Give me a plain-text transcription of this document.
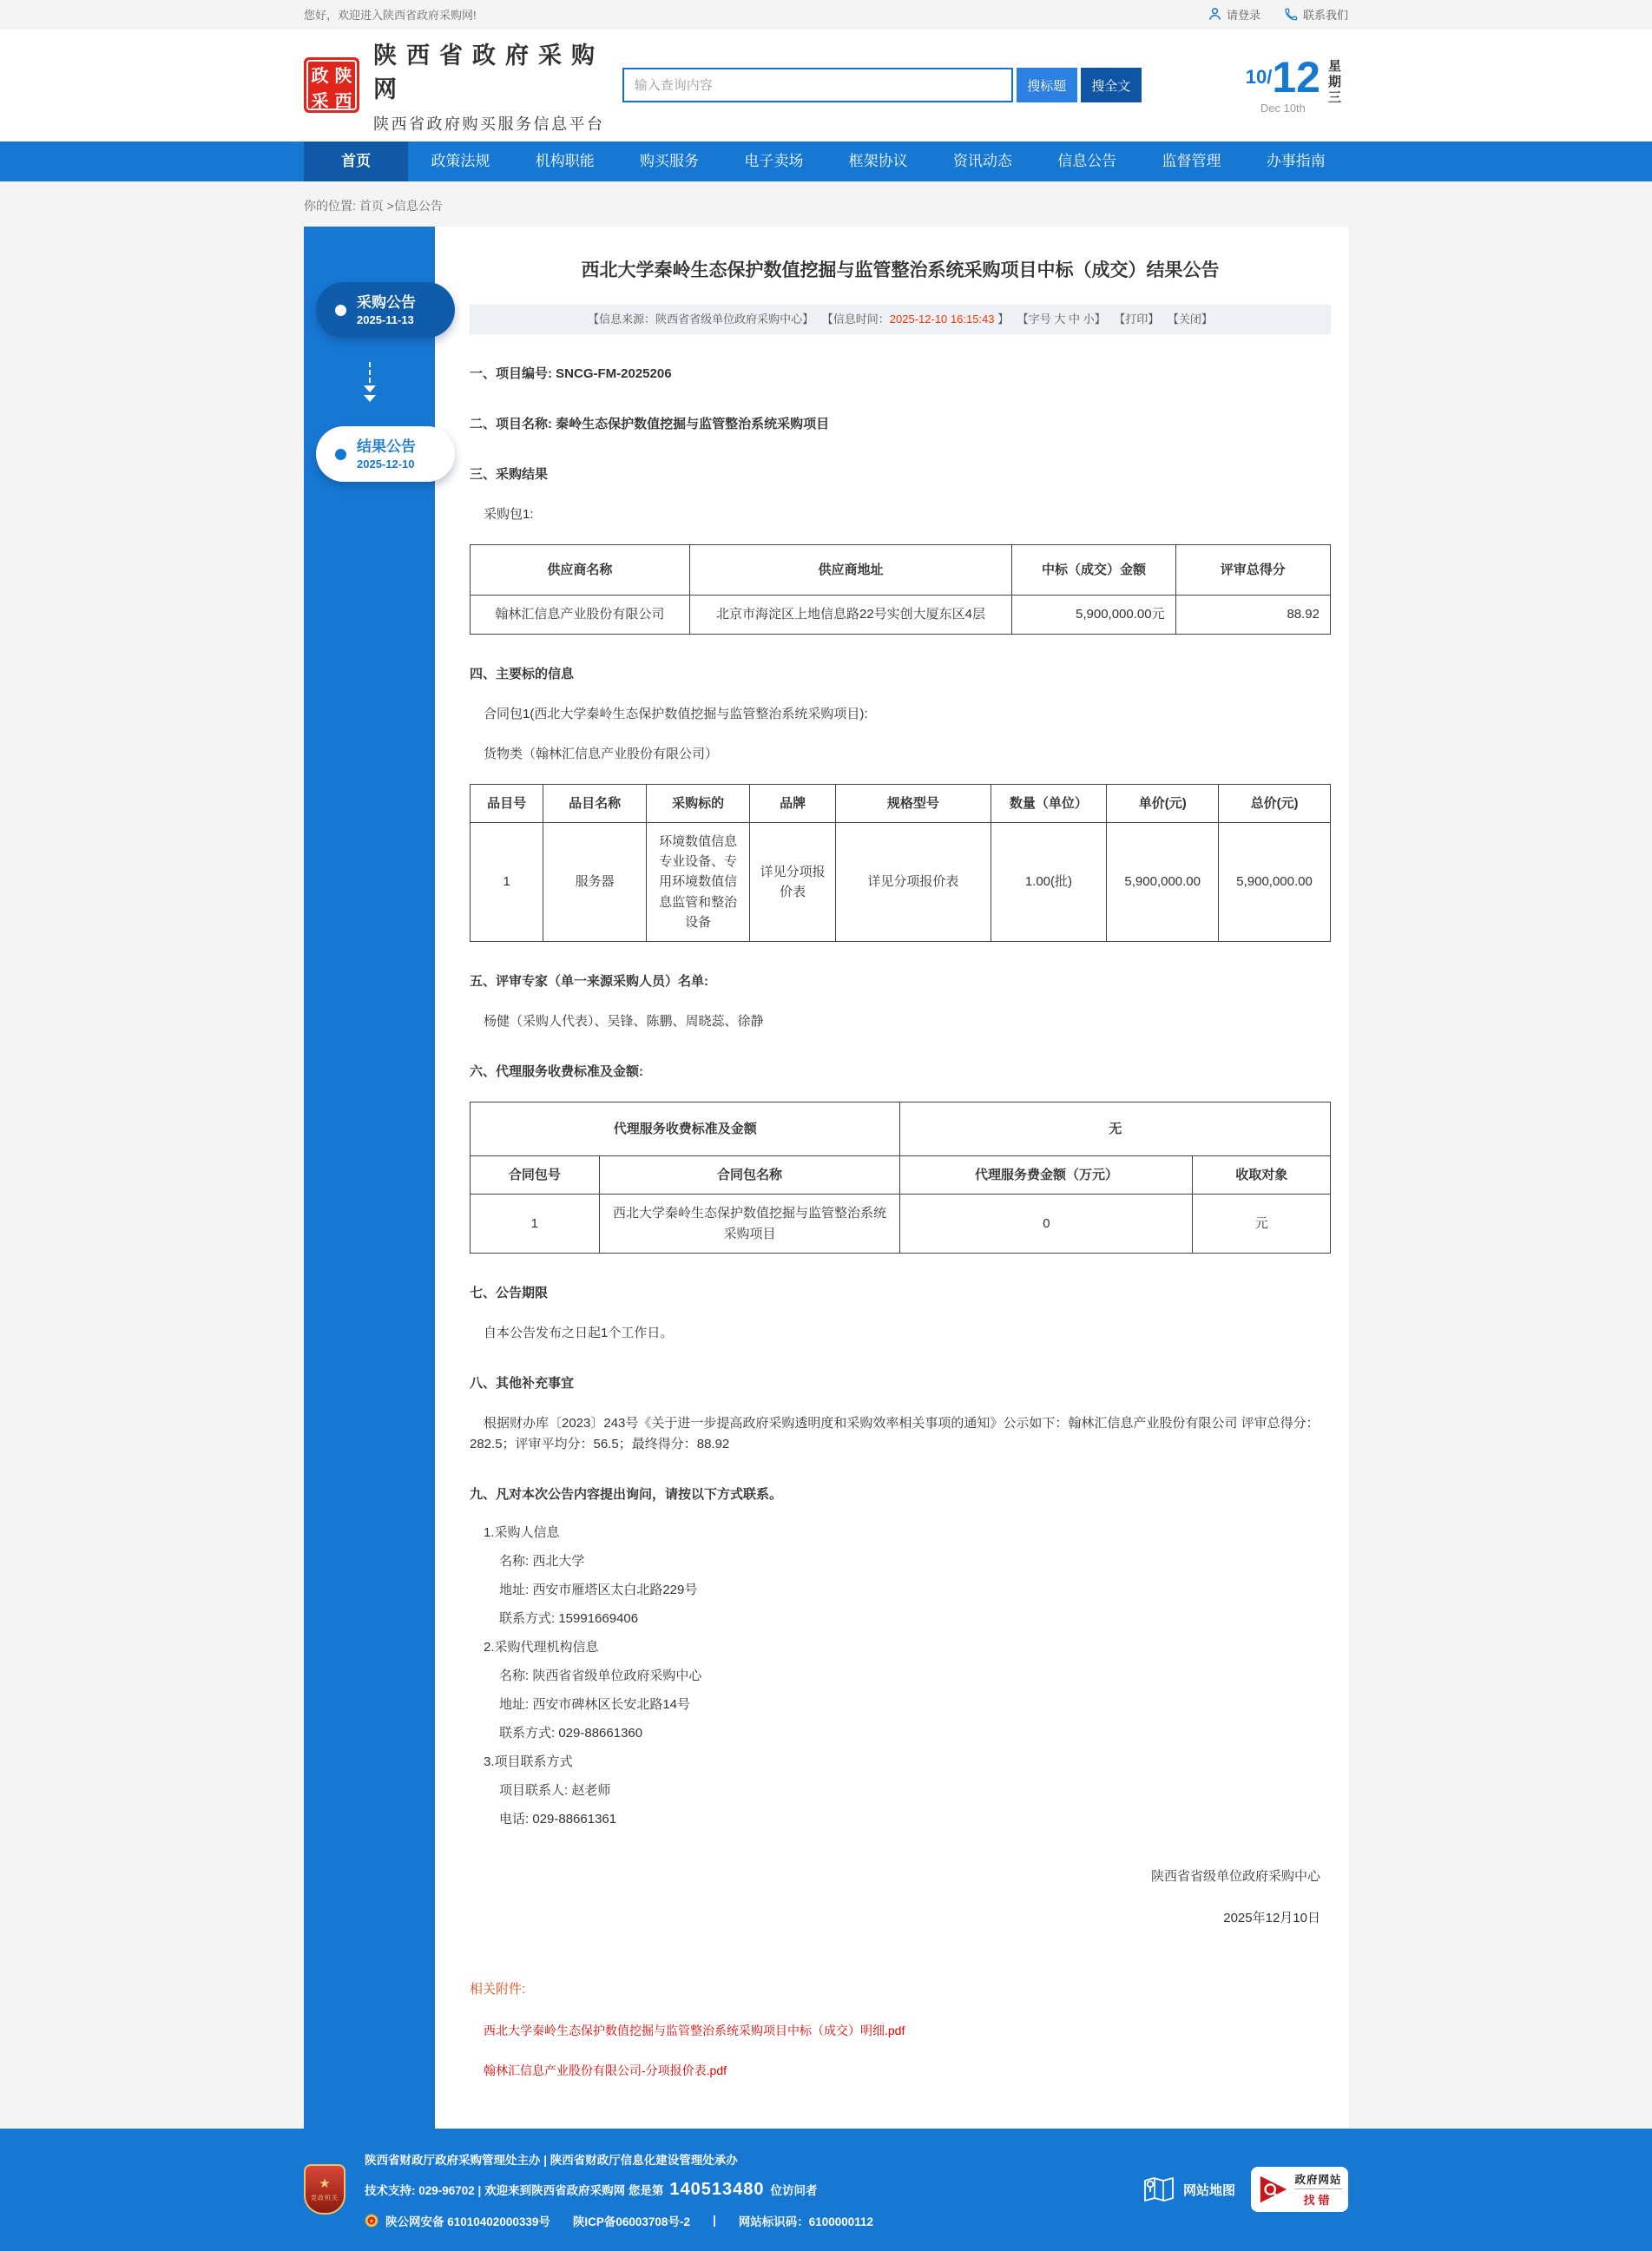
您好，欢迎进入陕西省政府采购网!	请登录	联系我们
政 陕
采 西
陕西省政府采购网
陕西省政府购买服务信息平台
输入查询内容
搜标题	搜全文	10/ 12
Dec 10th
星期三
首页	政策法规	机构职能	购买服务	电子卖场	框架协议	资讯动态	信息公告	监督管理	办事指南
你的位置: 首页 >信息公告
采购公告
2025-11-13
结果公告
2025-12-10
西北大学秦岭生态保护数值挖掘与监管整治系统采购项目中标（成交）结果公告
【信息来源：陕西省省级单位政府采购中心】 【信息时间：2025-12-10 16:15:43 】 【字号 大 中 小】 【打印】 【关闭】
一、项目编号: SNCG-FM-2025206
二、项目名称: 秦岭生态保护数值挖掘与监管整治系统采购项目
三、采购结果
采购包1:
供应商名称	供应商地址	中标（成交）金额	评审总得分
翰林汇信息产业股份有限公司	北京市海淀区上地信息路22号实创大厦东区4层	5,900,000.00元	88.92
四、主要标的信息
合同包1(西北大学秦岭生态保护数值挖掘与监管整治系统采购项目):
货物类（翰林汇信息产业股份有限公司）
品目号	品目名称	采购标的	品牌	规格型号	数量（单位）	单价(元)	总价(元)
1	服务器	环境数值信息专业设备、专用环境数值信息监管和整治设备	详见分项报价表	详见分项报价表	1.00(批)	5,900,000.00	5,900,000.00
五、评审专家（单一来源采购人员）名单:
杨健（采购人代表）、吴锋、陈鹏、周晓蕊、徐静
六、代理服务收费标准及金额:
代理服务收费标准及金额		无	
合同包号	合同包名称	代理服务费金额（万元）	收取对象
1	西北大学秦岭生态保护数值挖掘与监管整治系统采购项目	0	元
七、公告期限
自本公告发布之日起1个工作日。
八、其他补充事宜
根据财办库〔2023〕243号《关于进一步提高政府采购透明度和采购效率相关事项的通知》公示如下：翰林汇信息产业股份有限公司 评审总得分：282.5；评审平均分：56.5；最终得分：88.92
九、凡对本次公告内容提出询问，请按以下方式联系。
1.采购人信息
名称: 西北大学
地址: 西安市雁塔区太白北路229号
联系方式: 15991669406
2.采购代理机构信息
名称: 陕西省省级单位政府采购中心
地址: 西安市碑林区长安北路14号
联系方式: 029-88661360
3.项目联系方式
项目联系人: 赵老师
电话: 029-88661361
陕西省省级单位政府采购中心
2025年12月10日
相关附件:
西北大学秦岭生态保护数值挖掘与监管整治系统采购项目中标（成交）明细.pdf
翰林汇信息产业股份有限公司-分项报价表.pdf
★
党政机关
陕西省财政厅政府采购管理处主办 | 陕西省财政厅信息化建设管理处承办
技术支持: 029-96702 | 欢迎来到陕西省政府采购网 您是第 140513480 位访问者
陕公网安备 61010402000339号 陕ICP备06003708号-2 | 网站标识码：6100000112
网站地图
政府网站
找错
